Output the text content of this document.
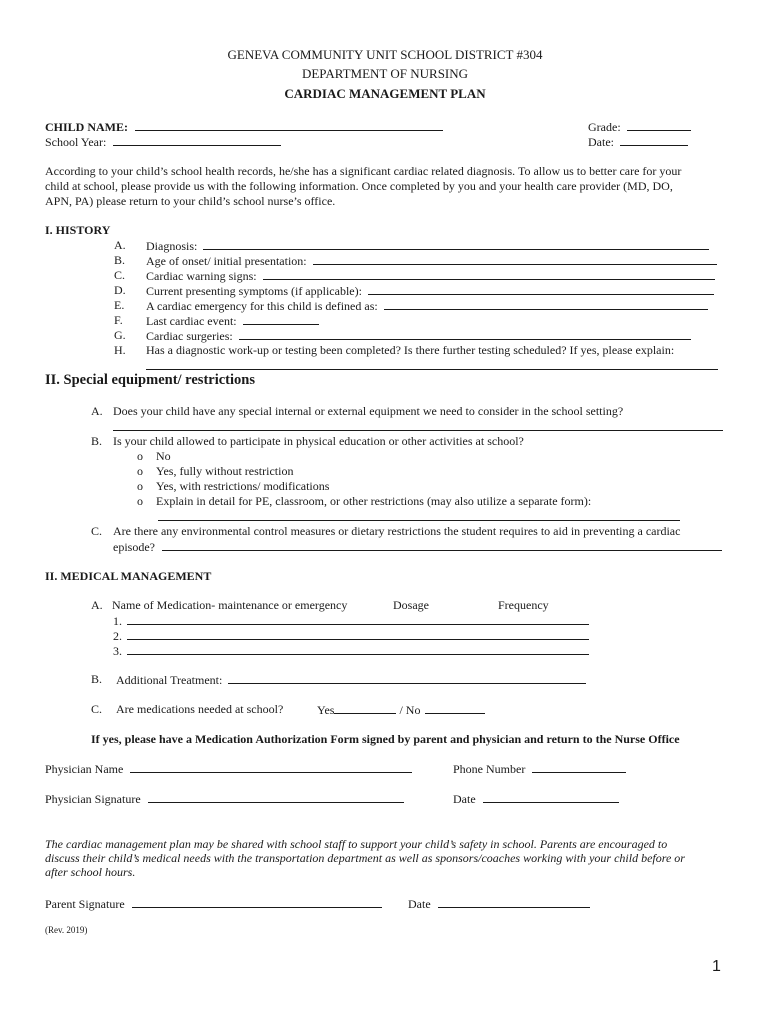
GENEVA COMMUNITY UNIT SCHOOL DISTRICT #304
DEPARTMENT OF NURSING
CARDIAC MANAGEMENT PLAN
CHILD NAME:
School Year:
Grade:
Date:
According to your child’s school health records, he/she has a significant cardiac related diagnosis. To allow us to better care for your
child at school, please provide us with the following information. Once completed by you and your health care provider (MD, DO,
APN, PA) please return to your child’s school nurse’s office.
I. HISTORY
A. Diagnosis:
B. Age of onset/ initial presentation:
C. Cardiac warning signs:
D. Current presenting symptoms (if applicable):
E. A cardiac emergency for this child is defined as:
F. Last cardiac event:
G. Cardiac surgeries:
H. Has a diagnostic work-up or testing been completed? Is there further testing scheduled? If yes, please explain:
II. Special equipment/ restrictions
A. Does your child have any special internal or external equipment we need to consider in the school setting?
B. Is your child allowed to participate in physical education or other activities at school?
o No
o Yes, fully without restriction
o Yes, with restrictions/ modifications
o Explain in detail for PE, classroom, or other restrictions (may also utilize a separate form):
C. Are there any environmental control measures or dietary restrictions the student requires to aid in preventing a cardiac
episode?
II. MEDICAL MANAGEMENT
A. Name of Medication- maintenance or emergency	Dosage	Frequency
1.
2.
3.
B. Additional Treatment:
C. Are medications needed at school?	Yes	/ No
If yes, please have a Medication Authorization Form signed by parent and physician and return to the Nurse Office
Physician Name	Phone Number
Physician Signature	Date
The cardiac management plan may be shared with school staff to support your child’s safety in school. Parents are encouraged to
discuss their child’s medical needs with the transportation department as well as sponsors/coaches working with your child before or
after school hours.
Parent Signature	Date
(Rev. 2019)
1
